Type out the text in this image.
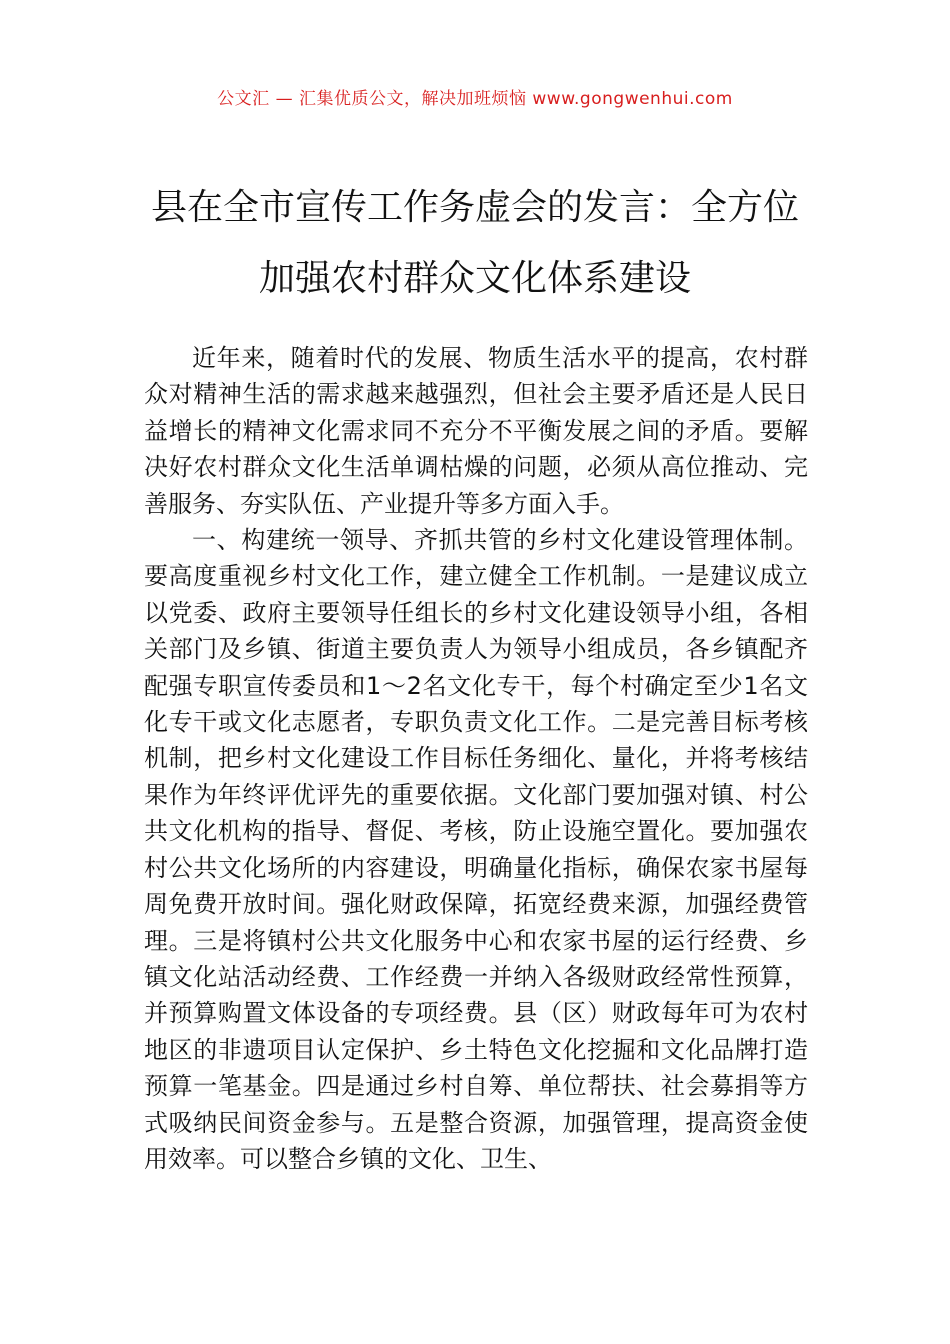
公文汇 — 汇集优质公文，解决加班烦恼 www.gongwenhui.com
县在全市宣传工作务虚会的发言：全方位
加强农村群众文化体系建设

近年来，随着时代的发展、物质生活水平的提高，农村群众对精神生活的需求越来越强烈，但社会主要矛盾还是人民日益增长的精神文化需求同不充分不平衡发展之间的矛盾。要解决好农村群众文化生活单调枯燥的问题，必须从高位推动、完善服务、夯实队伍、产业提升等多方面入手。

一、构建统一领导、齐抓共管的乡村文化建设管理体制。要高度重视乡村文化工作，建立健全工作机制。一是建议成立以党委、政府主要领导任组长的乡村文化建设领导小组，各相关部门及乡镇、街道主要负责人为领导小组成员，各乡镇配齐配强专职宣传委员和1～2名文化专干，每个村确定至少1名文化专干或文化志愿者，专职负责文化工作。二是完善目标考核机制，把乡村文化建设工作目标任务细化、量化，并将考核结果作为年终评优评先的重要依据。文化部门要加强对镇、村公共文化机构的指导、督促、考核，防止设施空置化。要加强农村公共文化场所的内容建设，明确量化指标，确保农家书屋每周免费开放时间。强化财政保障，拓宽经费来源，加强经费管理。三是将镇村公共文化服务中心和农家书屋的运行经费、乡镇文化站活动经费、工作经费一并纳入各级财政经常性预算，并预算购置文体设备的专项经费。县（区）财政每年可为农村地区的非遗项目认定保护、乡土特色文化挖掘和文化品牌打造预算一笔基金。四是通过乡村自筹、单位帮扶、社会募捐等方式吸纳民间资金参与。五是整合资源，加强管理，提高资金使用效率。可以整合乡镇的文化、卫生、
